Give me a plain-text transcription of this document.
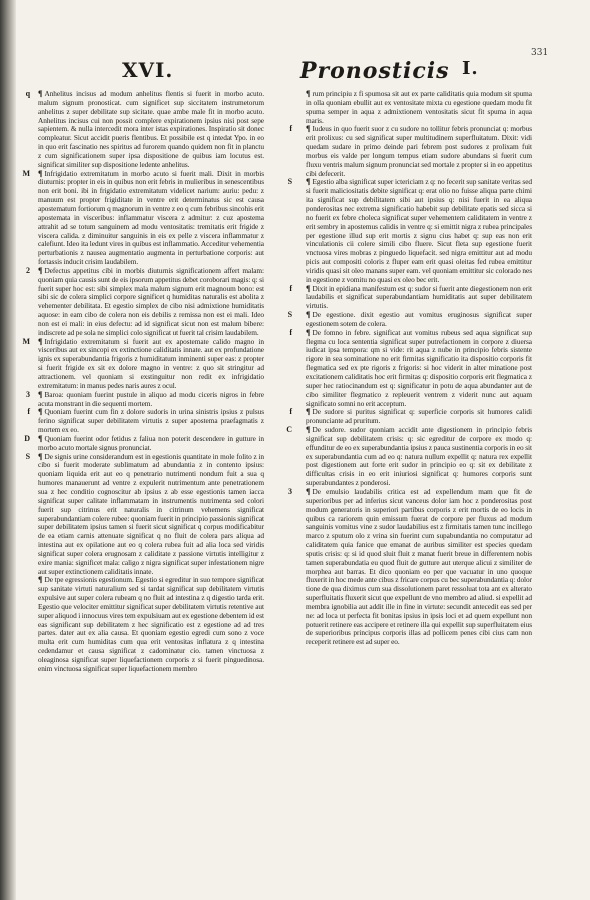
XVI.	Pronosticis I.
331

q ¶ Anhelitus incisus ad modum anhelitus flentis si fuerit in morbo acuto. malum signum pronosticat. cum significet sup siccitatem instrumetorum anhelitus z super debilitate sup sicitate. quae ambe male fit in morbo acuto. Anhelitus incisus cui non possit complere expirationem ipsius nisi post sepe sapientem. & nulla intercedit mora inter istas expirationes. Inspiratio sit donec compleatur. Sicut accidit pueris flentibus. Et possibile est q intedat Ypo. in eo in quo erit fascinatio nes spiritus ad furorem quando quidem non fit in planctu z cum significationem super ipsa dispositione de quibus iam locutus est. significat similiter sup dispositione ledente anhelitus.

M ¶ Infrigidatio extremitatum in morbo acuto si fuerit mali. Dixit in morbis diuturnis: propter in eis in quibus non erit febris in mulieribus in senescentibus non erit boni. ibi in frigidatio extremitatum videlicet narium: auriu: pedu: z manuum est propter frigiditate in ventre erit determinatus sic est causa apostematum fortiorum q magnorum in ventre z eo q cum febribus sincohis erit apostemata in visceribus: inflammatur viscera z admitur: z cuz apostema attrahit ad se totum sanguinem ad modu ventositatis: tremitatis erit frigide z viscera calida. z diminuitur sanguinis in eis ex pelle z viscera inflammatur z calefiunt. Ideo ita ledunt vires in quibus est inflammatio. Acceditur vehementia perturbationis z nausea augmentatio augmenta in perturbatione corporis: aut fortassis inducit crisim laudabilem.

2 ¶ Defectus appetitus cibi in morbis diuturnis significationem affert malam: quoniam quia causis sunt de eis ipsorum appetitus debet coroborari magis: q: si fuerit super hoc est: sibi simplex mala malum signum erit magnoum bono: est sibi sic de colera simplici corpore significet q humiditas naturalis est abolita z vehementer debilitata. Et egestio simplex de cibo nisi admixtione humiditatis aquose: in eam cibo de colera non eis debilis z remissa non est ei mali. Ideo non est ei mali: in eius defectu: ad id significat sicut non est malum bibere: indiscrete ad pe sola ne simplici colo significat ut fuerit tal crisim laudabilem.

M ¶ Infrigidatio extremitatum si fuerit aut ex apostemate calido magno in visceribus aut ex sincopi ex extinctione caliditatis innate. aut ex profundatione ignis ex superabundantia frigoris z humiditatum inminenti super eas: z propter si fuerit frigide ex sit ex dolore magno in ventre: z quo sit stringitur ad attractionem. vel quoniam si exstinguitur non redit ex infrigidatio extremitatum: in manus pedes naris aures z ocul.

3 ¶ Baroa: quoniam fuerint pustule in aliquo ad modu ciceris nigros in febre acuta monstrant in die sequenti mortem.

f ¶ Quoniam fuerint cum fin z dolore sudoris in urina sinistris ipsius z pulsus ferino significat super debilitatem virtutis z super apostema praefagmatis z mortem ex eo.

D ¶ Quoniam fuerint odor fetidus z faliua non poterit descendere in gutture in morbo acuto mortale signus pronunciat.

S ¶ De signis urine considerandum est in egestionis quantitate in mole folito z in cibo si fuerit moderate sublimatum ad abundantia z in contento ipsius: quoniam liquida erit aut eo q penetrario nutrimenti nondum fuit a sua q humores manauerunt ad ventre z expulerit nutrimentum ante penetrationem sua z hec conditio cognoscitur ab ipsius z ab esse egestionis tamen iacca significat super calitate inflammatam in instrumentis nutrimenta sed colori fuerit sup citrinus erit naturalis in citrinum vehemens significat superabundantiam colere rubee: quoniam fuerit in principio passionis significat super debilitatem ipsius tamen si fuerit sicut significat q corpus modificabitur de ea etiam carnis attenuate significat q no fluit de colera pars aliqua ad intestina aut ex opilatione aut eo q colera rubea fuit ad alia loca sed viridis significat super colera erugnosam z caliditate z passione virtutis intelligitur z exire mania: significet mala: caligo z nigra significat super infestationem nigre aut super extinctionem caliditatis innate.

¶ De tpe egressionis egestionum. Egestio si egreditur in suo tempore significat sup sanitate virtuti naturalium sed si tardat significat sup debilitatem virtutis expulsive aut super colera rubeam q no fluit ad intestina z q digestio tarda erit. Egestio que velociter emittitur significat super debilitatem virtutis retentive aut super aliquod i innocuus vires tem expulsiuam aut ex egestione debentem id est eas significant sup debilitatem z hec significatio est z egestione ad ad tres partes. dater aut ex alia causa. Et quoniam egestio egredi cum sono z voce multa erit cum humiditas cum qua erit ventositas inflatura z q intestina cedendamur et causa significat z cadominatur cio. tamen vinctuosa z oleaginosa significat super liquefactionem corporis z si fuerit pinguedinosa. enim vinctuosa significat super liquefactionem membro

¶ rum principiu z fi spumosa sit aut ex parte caliditatis quia modum sit spuma in olla quoniam ebullit aut ex ventositate mixta cu egestione quedam modu fit spuma semper in aqua z admixtionem ventositatis sicut fit spuma in aqua maris.

f ¶ Iudeus in quo fuerit suor z cu sudore no tollitur febris pronunciat q: morbus erit prolixus: cu sed significat super multitudinem superfluitatum. Dixit: vidi quedam sudare in primo deinde pari febrem post sudores z prolixam fuit morbus eis valde per longum tempus etiam sudore abundans si fuerit cum fluxu ventris malum signum pronunciat sed mortale z propter si in eo appetitus cibi defecerit.

S ¶ Egestio alba significat super ictericiam z q: no fecerit sup sanitate veritas sed si fuerit maliciositatis debite significat q: erat olio no fuisse aliqua parte chimi ita significat sup debilitatem sibi aut ipsius q: nisi fuerit in ea aliqua ponderositas nec extrema significatio habebit sup debilitate epatis sed sicca si no fuerit ex febre choleca significat super vehementem caliditatem in ventre z erit sembry in apostemus calidis in ventre q: si emittit nigra z rubea principales per egestione illud sup erit mortis z signu cius habet q: sup eas non erit vinculationis cii colere simili cibo fluere. Sicut fleta sup egestione fuerit vnctuosa vires mobras z pinguedo liquefacit. sed nigra emittitur aut ad modu picis aut compositi coloris z fluper eam erit quasi oleitas fed rubea emittitur viridis quasi sit oleo manans super eam. vel quoniam emittitur sic colorado nes in egestione z vomitu no quasi ex oleo bec erit.

f ¶ Dixit in epidiana manifestum est q: sudor si fuerit ante diegestionem non erit laudabilis et significat superabundantiam humiditatis aut super debilitatem virtutis.

S ¶ De egestione. dixit egestio aut vomitus eruginosus significat super egestionem sotem de colera.

f ¶ De fomno in febre. significat aut vomitus rubeus sed aqua significat sup flegma cu loca sententia significat super putrefactionem in corpore z diuersa iudicat ipsa tempora: qm si vide: rit aqua z nube in principio febris sistente rigore in sea sominatione no erit firmitas significatio ita dispositio corporis fit flegmatica sed ex pte rigoris z frigoris: si hoc viderit in alter minatione post excitationem caliditatis hoc erit firmitas q: dispositio corporis erit flegmatica z super hec ratiocinandum est q: significatur in potu de aqua abundanter aut de cibo similiter flegmatico z repleuerit ventrem z viderit nunc aut aquam significato somni no erit acceptum.

f ¶ De sudore si puritus significat q: superficie corporis sit humores calidi pronunciante ad pruritum.

C ¶ De sudore. sudor quoniam accidit ante digestionem in principio febris significat sup debilitatem crisis: q: sic egreditur de corpore ex modo q: effunditur de eo ex superabundantia ipsius z pauca sustinentia corporis in eo sit ex superabundantia cum ad eo q: natura nullum expellit q: natura rex expellit post digestionem aut forte erit sudor in principio eo q: sit ex debilitate z difficultas crisis in eo erit iniuriosi significat q: humores corporis sunt superabundantes z ponderosi.

3 ¶ De emulsio laudabilis critica est ad expellendum mam que fit de superioribus per ad inferius sicut vanceus dolor iam hoc z ponderositas post modum generatoris in superiori partibus corporis z erit mortis de eo locis in quibus ca rariorem quin emissum fuerat de corpore per fluxus ad modum sanguinis vomitus vine z sudor laudabilius est z firmitatis tamen tunc incillego marco z sputum olo z vrina sin fuerint cum supabundantia no computatur ad caliditatem quia fanice que emanat de auribus similiter est species quedam sputis crisis: q: si id quod sluit fluit z manat fuerit breue in differentem nobis tamen superabundatia eu quod fluit de gutture aut uterque alicui z similiter de morphea aut barras. Et dico quoniam eo per que vacuatur in uno quoque fluxerit in hoc mede ante cibus z fricare corpus cu bec superabundantia q: dolor tione de qua diximus cum sua dissolutionem paret ressoluat tota ant ex alterato superfluitatis fluxerit sicut que expellunt de vno membro ad aliud. si expellit ad membra ignobilia aut addit ille in fine in virtute: secundit antecedit eas sed per ne: ad loca ut perfecta fit bonitas ipsius in ipsis loci et ad quem expellunt non potuerit retinere eas accipere et retinere illa qui expellit sup superfluitatem eius de superioribus principus corporis illas ad pollicem penes cibi cius cam non receperit retinere est ad super eo.
